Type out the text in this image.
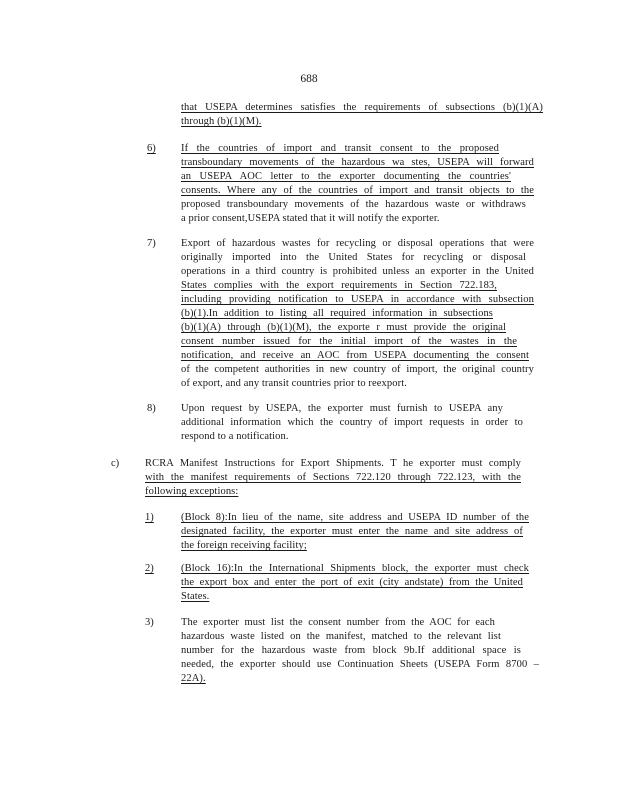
688
that USEPA determines satisfies the requirements of subsections (b)(1)(A)
through (b)(1)(M).
6) If the countries of import and transit consent to the proposed
transboundary movements of the hazardous wa stes, USEPA will forward
an USEPA AOC letter to the exporter documenting the countries'
consents. Where any of the countries of import and transit objects to the
proposed transboundary movements of the hazardous waste or withdraws
a prior consent,USEPA stated that it will notify the exporter.
7) Export of hazardous wastes for recycling or disposal operations that were
originally imported into the United States for recycling or disposal
operations in a third country is prohibited unless an exporter in the United
States complies with the export requirements in Section 722.183,
including providing notification to USEPA in accordance with subsection
(b)(1).In addition to listing all required information in subsections
(b)(1)(A) through (b)(1)(M), the exporte r must provide the original
consent number issued for the initial import of the wastes in the
notification, and receive an AOC from USEPA documenting the consent
of the competent authorities in new country of import, the original country
of export, and any transit countries prior to reexport.
8) Upon request by USEPA, the exporter must furnish to USEPA any
additional information which the country of import requests in order to
respond to a notification.
c) RCRA Manifest Instructions for Export Shipments. T he exporter must comply
with the manifest requirements of Sections 722.120 through 722.123, with the
following exceptions:
1)	(Block 8):In lieu of the name, site address and USEPA ID number of the
designated facility, the exporter must enter the name and site address of
the foreign receiving facility;
2)	(Block 16):In the International Shipments block, the exporter must check
the export box and enter the port of exit (city andstate) from the United
States.
3)	The exporter must list the consent number from the AOC for each
hazardous waste listed on the manifest, matched to the relevant list
number for the hazardous waste from block 9b.If additional space is
needed, the exporter should use Continuation Sheets (USEPA Form 8700 –
22A).
